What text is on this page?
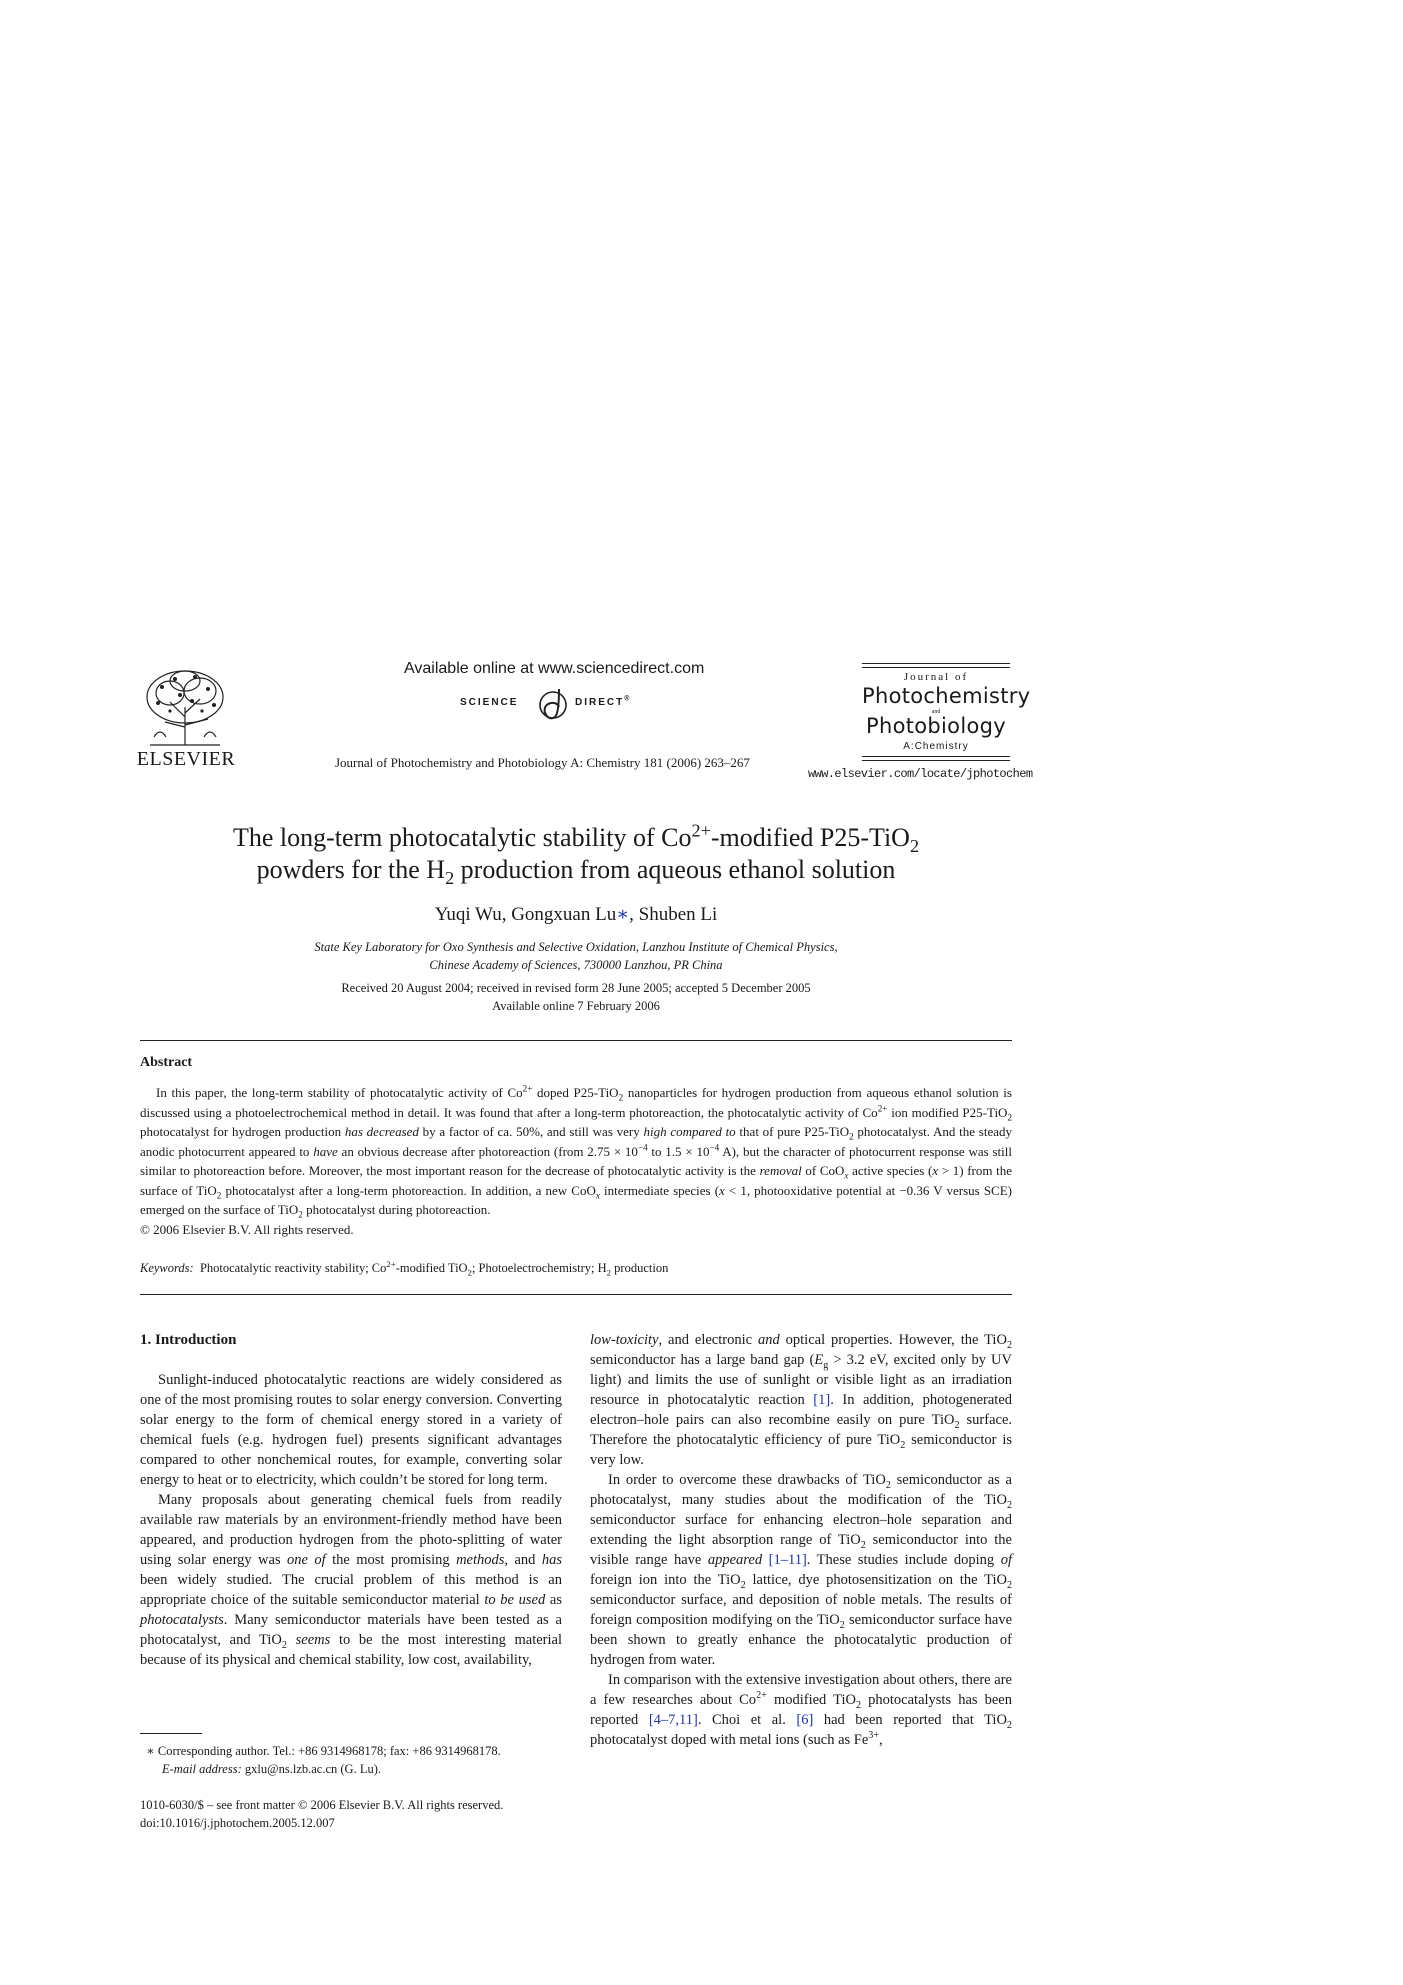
ELSEVIER
Available online at www.sciencedirect.com
SCIENCE	DIRECT®
Journal of Photochemistry and Photobiology A: Chemistry 181 (2006) 263–267
Journal of
Photochemistry
and
Photobiology
A:Chemistry
www.elsevier.com/locate/jphotochem
The long-term photocatalytic stability of $Co^{2+}$-modified P25-TiO$_2$
powders for the $H_2$ production from aqueous ethanol solution
Yuqi Wu, Gongxuan Lu∗, Shuben Li
State Key Laboratory for Oxo Synthesis and Selective Oxidation, Lanzhou Institute of Chemical Physics,
Chinese Academy of Sciences, 730000 Lanzhou, PR China
Received 20 August 2004; received in revised form 28 June 2005; accepted 5 December 2005
Available online 7 February 2006
Abstract

In this paper, the long-term stability of photocatalytic activity of $Co^{2+}$ doped P25-TiO$_2$ nanoparticles for hydrogen production from aqueous ethanol solution is discussed using a photoelectrochemical method in detail. It was found that after a long-term photoreaction, the photocatalytic activity of $Co^{2+}$ ion modified P25-TiO$_2$ photocatalyst for hydrogen production has decreased by a factor of ca. 50%, and still was very high compared to that of pure P25-TiO$_2$ photocatalyst. And the steady anodic photocurrent appeared to have an obvious decrease after photoreaction (from $2.75 \times 10^{-4}$ to $1.5 \times 10^{-4}$ A), but the character of photocurrent response was still similar to photoreaction before. Moreover, the most important reason for the decrease of photocatalytic activity is the removal of CoO$_x$ active species (x > 1) from the surface of TiO$_2$ photocatalyst after a long-term photoreaction. In addition, a new CoO$_x$ intermediate species (x < 1, photooxidative potential at −0.36 V versus SCE) emerged on the surface of TiO$_2$ photocatalyst during photoreaction.

© 2006 Elsevier B.V. All rights reserved.

Keywords: Photocatalytic reactivity stability; $Co^{2+}$-modified TiO$_2$; Photoelectrochemistry; $H_2$ production

1. Introduction

Sunlight-induced photocatalytic reactions are widely considered as one of the most promising routes to solar energy conversion. Converting solar energy to the form of chemical energy stored in a variety of chemical fuels (e.g. hydrogen fuel) presents significant advantages compared to other nonchemical routes, for example, converting solar energy to heat or to electricity, which couldn’t be stored for long term.

Many proposals about generating chemical fuels from readily available raw materials by an environment-friendly method have been appeared, and production hydrogen from the photo-splitting of water using solar energy was one of the most promising methods, and has been widely studied. The crucial problem of this method is an appropriate choice of the suitable semiconductor material to be used as photocatalysts. Many semiconductor materials have been tested as a photocatalyst, and TiO$_2$ seems to be the most interesting material because of its physical and chemical stability, low cost, availability,

low-toxicity, and electronic and optical properties. However, the TiO$_2$ semiconductor has a large band gap ($E_g > 3.2$ eV, excited only by UV light) and limits the use of sunlight or visible light as an irradiation resource in photocatalytic reaction [1]. In addition, photogenerated electron–hole pairs can also recombine easily on pure TiO$_2$ surface. Therefore the photocatalytic efficiency of pure TiO$_2$ semiconductor is very low.

In order to overcome these drawbacks of TiO$_2$ semiconductor as a photocatalyst, many studies about the modification of the TiO$_2$ semiconductor surface for enhancing electron–hole separation and extending the light absorption range of TiO$_2$ semiconductor into the visible range have appeared [1–11]. These studies include doping of foreign ion into the TiO$_2$ lattice, dye photosensitization on the TiO$_2$ semiconductor surface, and deposition of noble metals. The results of foreign composition modifying on the TiO$_2$ semiconductor surface have been shown to greatly enhance the photocatalytic production of hydrogen from water.

In comparison with the extensive investigation about others, there are a few researches about $Co^{2+}$ modified TiO$_2$ photocatalysts has been reported [4–7,11]. Choi et al. [6] had been reported that TiO$_2$ photocatalyst doped with metal ions (such as $Fe^{3+}$,

∗ Corresponding author. Tel.: +86 9314968178; fax: +86 9314968178.
E-mail address: gxlu@ns.lzb.ac.cn (G. Lu).
1010-6030/$ – see front matter © 2006 Elsevier B.V. All rights reserved.
doi:10.1016/j.jphotochem.2005.12.007
